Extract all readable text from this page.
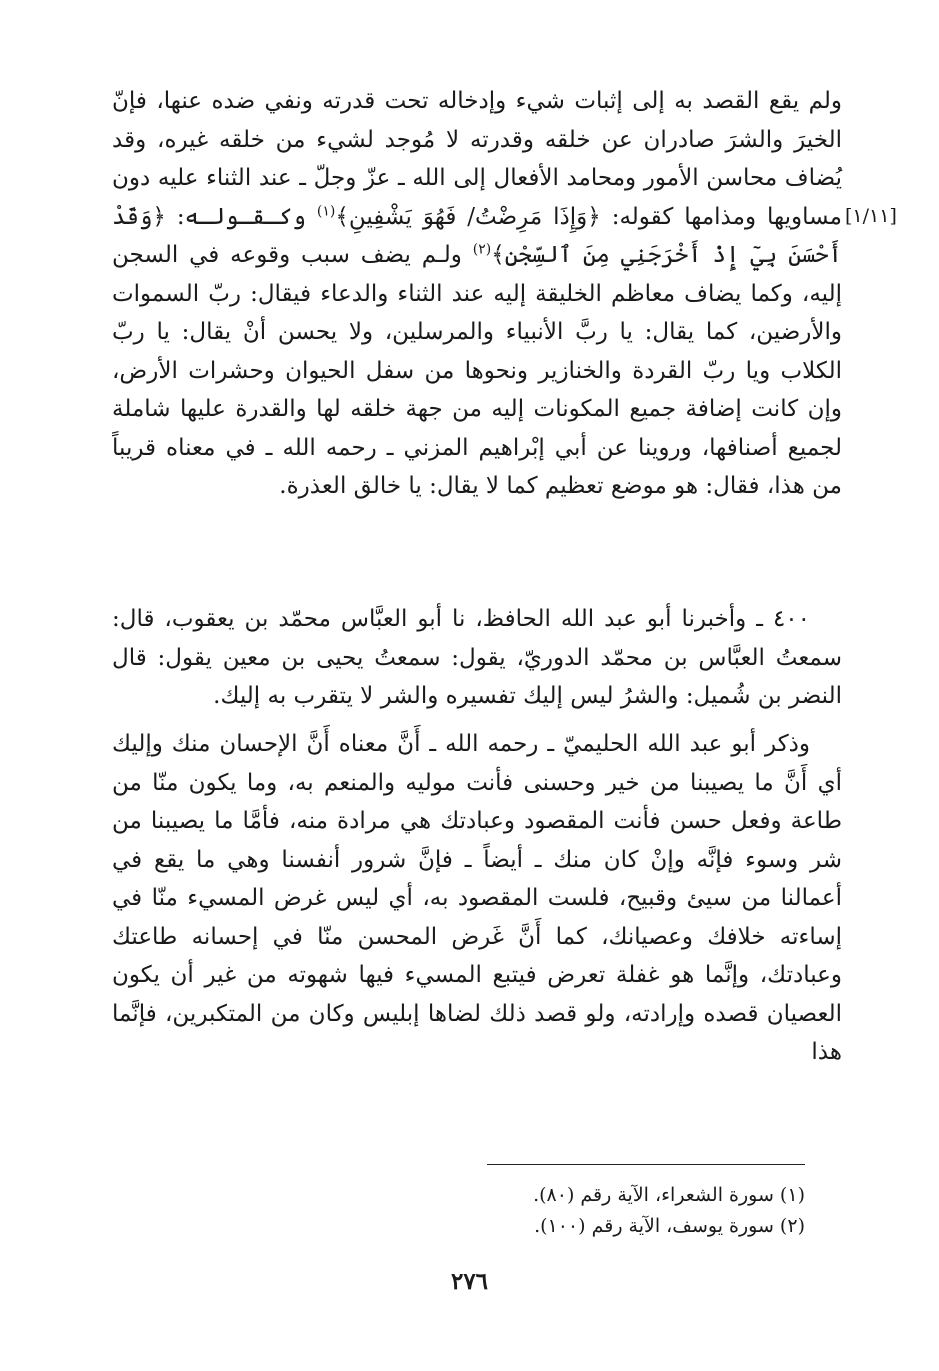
[١/١١]

ولم يقع القصد به إلى إثبات شيء وإدخاله تحت قدرته ونفي ضده عنها، فإنّ الخيرَ والشرَ صادران عن خلقه وقدرته لا مُوجد لشيء من خلقه غيره، وقد يُضاف محاسن الأمور ومحامد الأفعال إلى الله ـ عزّ وجلّ ـ عند الثناء عليه دون مساويها ومذامها كقوله: ﴿وَإِذَا مَرِضْتُ/ فَهُوَ يَشْفِينِ﴾$^{(١)}$ وكـقـولـه: ﴿وَقَدْ أَحْسَنَ بِيٓ إِذْ أَخْرَجَنِي مِنَ ٱلسِّجْنِ﴾$^{(٢)}$ ولـم يضف سبب وقوعه في السجن إليه، وكما يضاف معاظم الخليقة إليه عند الثناء والدعاء فيقال: ربّ السموات والأرضين، كما يقال: يا ربَّ الأنبياء والمرسلين، ولا يحسن أنْ يقال: يا ربّ الكلاب ويا ربّ القردة والخنازير ونحوها من سفل الحيوان وحشرات الأرض، وإن كانت إضافة جميع المكونات إليه من جهة خلقه لها والقدرة عليها شاملة لجميع أصنافها، وروينا عن أبي إبْراهيم المزني ـ رحمه الله ـ في معناه قريباً من هذا، فقال: هو موضع تعظيم كما لا يقال: يا خالق العذرة.

٤٠٠ ـ وأخبرنا أبو عبد الله الحافظ، نا أبو العبَّاس محمّد بن يعقوب، قال: سمعتُ العبَّاس بن محمّد الدوريّ، يقول: سمعتُ يحيى بن معين يقول: قال النضر بن شُميل: والشرُ ليس إليك تفسيره والشر لا يتقرب به إليك.

وذكر أبو عبد الله الحليميّ ـ رحمه الله ـ أَنَّ معناه أَنَّ الإحسان منك وإليك أي أَنَّ ما يصيبنا من خير وحسنى فأنت موليه والمنعم به، وما يكون منّا من طاعة وفعل حسن فأنت المقصود وعبادتك هي مرادة منه، فأمَّا ما يصيبنا من شر وسوء فإنَّه وإنْ كان منك ـ أيضاً ـ فإنَّ شرور أنفسنا وهي ما يقع في أعمالنا من سيئ وقبيح، فلست المقصود به، أي ليس غرض المسيء منّا في إساءته خلافك وعصيانك، كما أَنَّ غَرض المحسن منّا في إحسانه طاعتك وعبادتك، وإنَّما هو غفلة تعرض فيتبع المسيء فيها شهوته من غير أن يكون العصيان قصده وإرادته، ولو قصد ذلك لضاها إبليس وكان من المتكبرين، فإنَّما هذا

(١) سورة الشعراء، الآية رقم (٨٠).

(٢) سورة يوسف، الآية رقم (١٠٠).

٢٧٦
